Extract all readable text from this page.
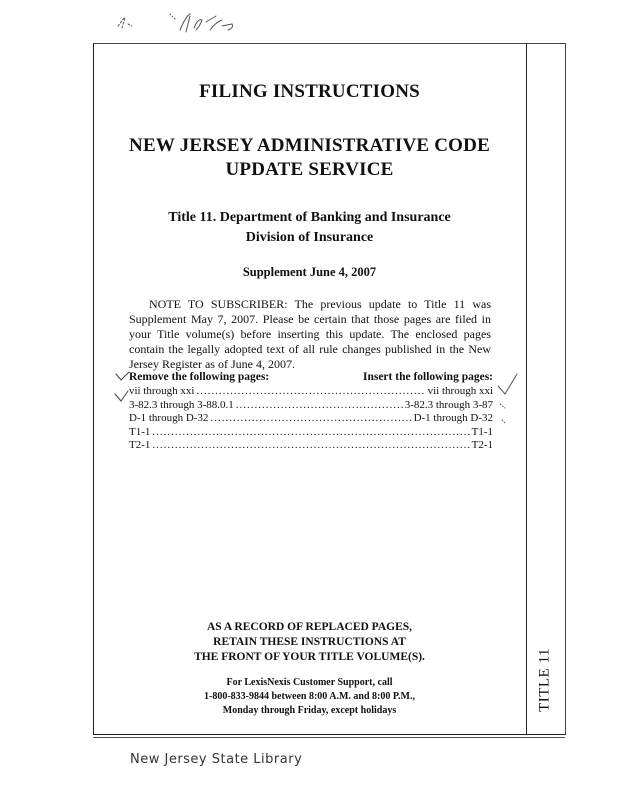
TITLE 11
FILING INSTRUCTIONS
NEW JERSEY ADMINISTRATIVE CODE
UPDATE SERVICE
Title 11. Department of Banking and Insurance
Division of Insurance
Supplement June 4, 2007
NOTE TO SUBSCRIBER: The previous update to Title 11 was Supplement May 7, 2007. Please be certain that those pages are filed in your Title volume(s) before inserting this update. The enclosed pages contain the legally adopted text of all rule changes published in the New Jersey Register as of June 4, 2007.
Remove the following pages:	Insert the following pages:
vii through xxi .....	vii through xxi
3-82.3 through 3-88.0.1 .....	3-82.3 through 3-87
D-1 through D-32 .....	D-1 through D-32
T1-1 .....	T1-1
T2-1 .....	T2-1
AS A RECORD OF REPLACED PAGES,
RETAIN THESE INSTRUCTIONS AT
THE FRONT OF YOUR TITLE VOLUME(S).
For LexisNexis Customer Support, call
1-800-833-9844 between 8:00 A.M. and 8:00 P.M.,
Monday through Friday, except holidays
New Jersey State Library
